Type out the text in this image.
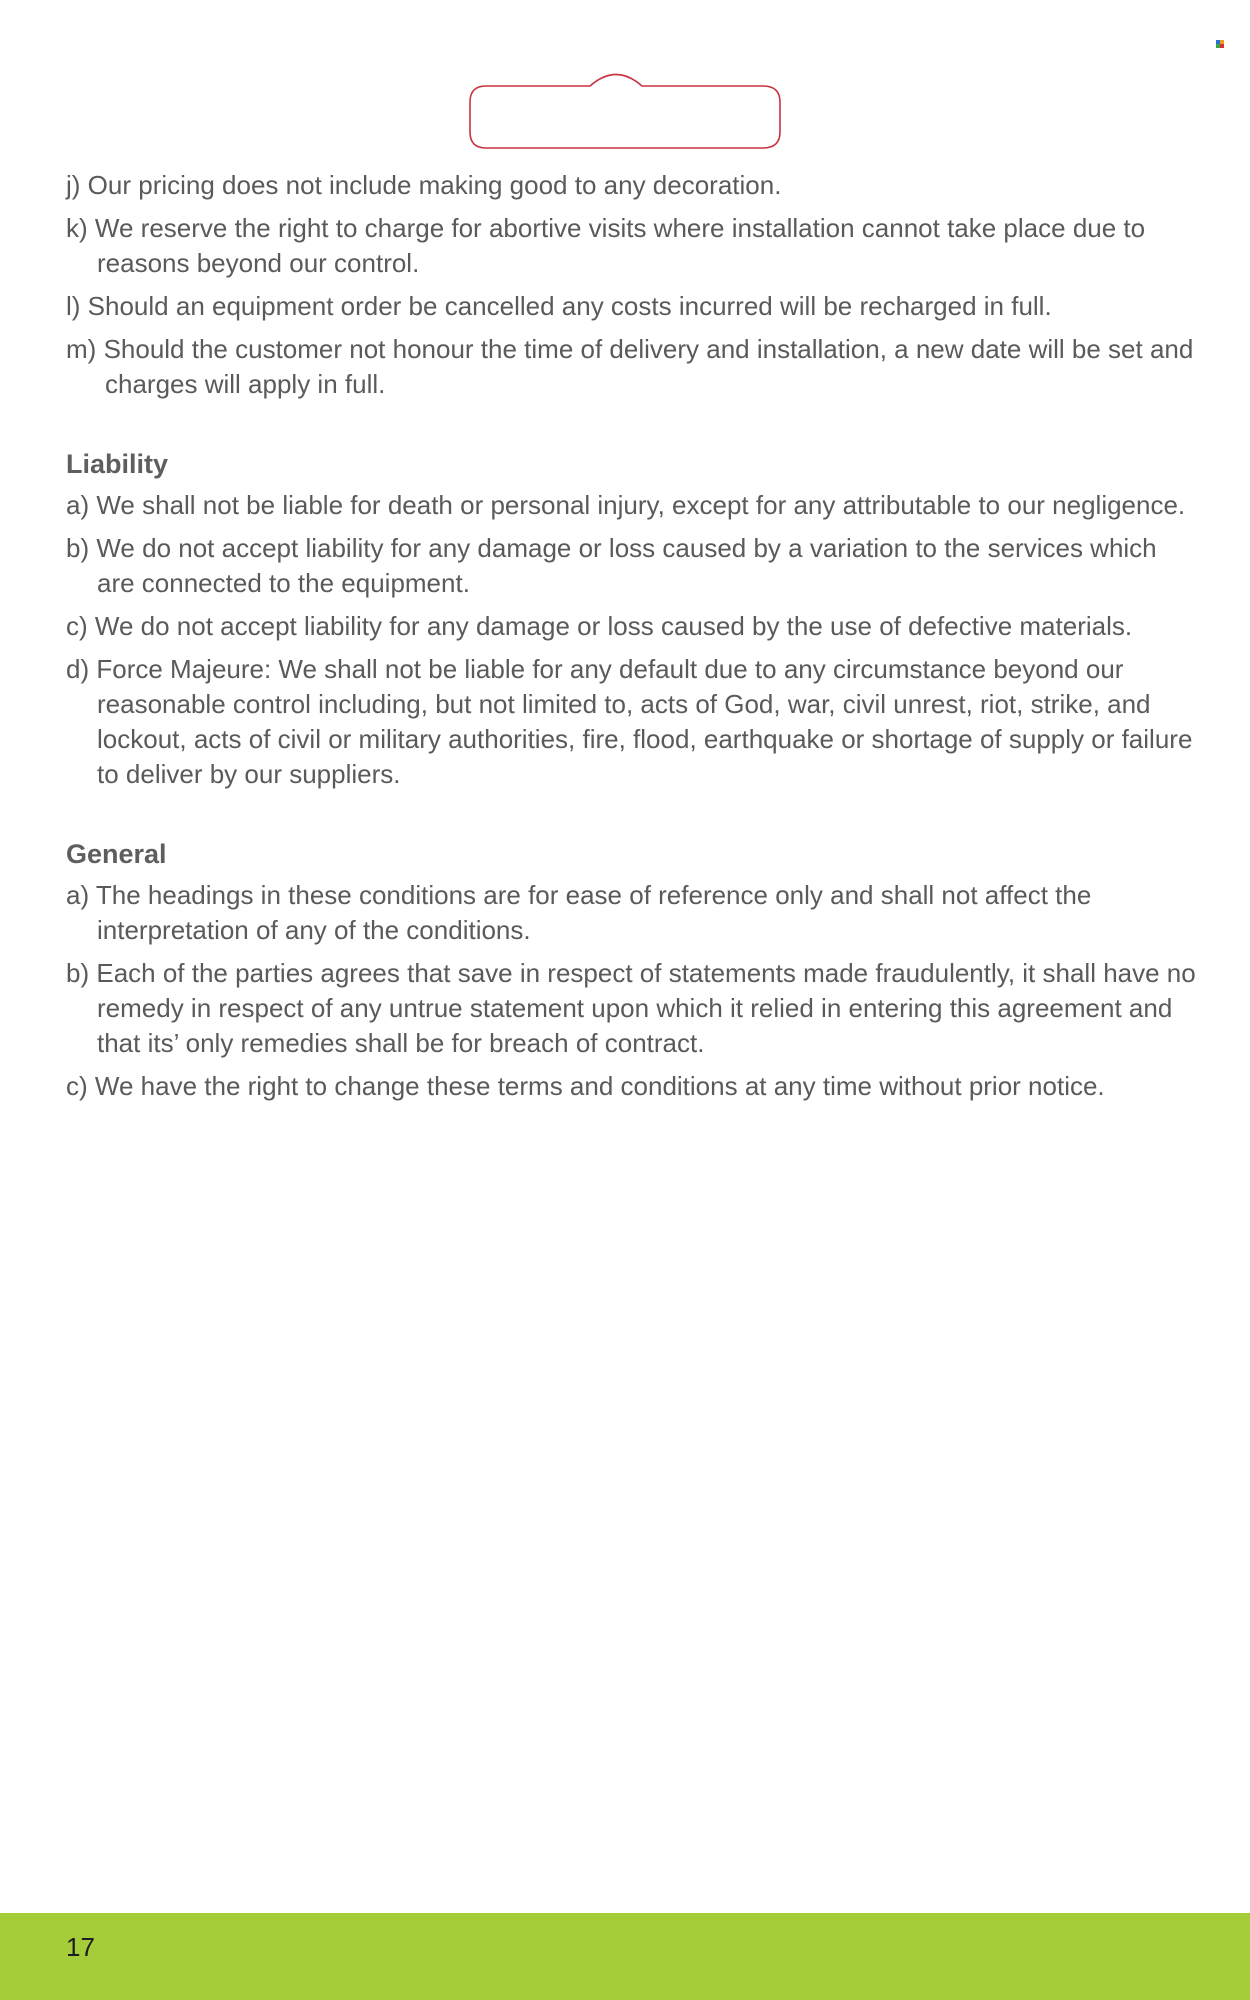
j) Our pricing does not include making good to any decoration.

k) We reserve the right to charge for abortive visits where installation cannot take place due to reasons beyond our control.

l) Should an equipment order be cancelled any costs incurred will be recharged in full.

m) Should the customer not honour the time of delivery and installation, a new date will be set and charges will apply in full.

Liability

a) We shall not be liable for death or personal injury, except for any attributable to our negligence.

b) We do not accept liability for any damage or loss caused by a variation to the services which are connected to the equipment.

c) We do not accept liability for any damage or loss caused by the use of defective materials.

d) Force Majeure: We shall not be liable for any default due to any circumstance beyond our reasonable control including, but not limited to, acts of God, war, civil unrest, riot, strike, and lockout, acts of civil or military authorities, fire, flood, earthquake or shortage of supply or failure to deliver by our suppliers.

General

a) The headings in these conditions are for ease of reference only and shall not affect the interpretation of any of the conditions.

b) Each of the parties agrees that save in respect of statements made fraudulently, it shall have no remedy in respect of any untrue statement upon which it relied in entering this agreement and that its’ only remedies shall be for breach of contract.

c) We have the right to change these terms and conditions at any time without prior notice.

17
